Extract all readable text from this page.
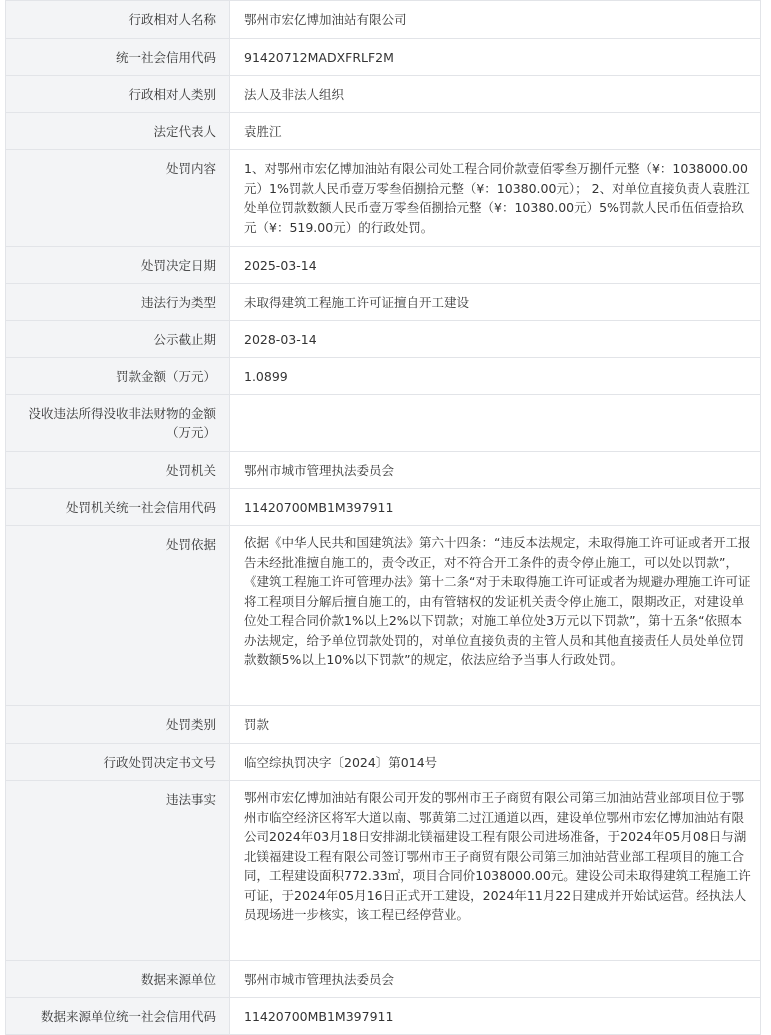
行政相对人名称	鄂州市宏亿博加油站有限公司
统一社会信用代码	91420712MADXFRLF2M
行政相对人类别	法人及非法人组织
法定代表人	袁胜江
处罚内容	1、对鄂州市宏亿博加油站有限公司处工程合同价款壹佰零叁万捌仟元整（¥：1038000.00元）1%罚款人民币壹万零叁佰捌拾元整（¥：10380.00元）； 2、对单位直接负责人袁胜江处单位罚款数额人民币壹万零叁佰捌拾元整（¥：10380.00元）5%罚款人民币伍佰壹拾玖元（¥：519.00元）的行政处罚。
处罚决定日期	2025-03-14
违法行为类型	未取得建筑工程施工许可证擅自开工建设
公示截止期	2028-03-14
罚款金额（万元）	1.0899
没收违法所得没收非法财物的金额（万元）	
处罚机关	鄂州市城市管理执法委员会
处罚机关统一社会信用代码	11420700MB1M397911
处罚依据	依据《中华人民共和国建筑法》第六十四条：“违反本法规定，未取得施工许可证或者开工报告未经批准擅自施工的，责令改正，对不符合开工条件的责令停止施工，可以处以罚款”，《建筑工程施工许可管理办法》第十二条“对于未取得施工许可证或者为规避办理施工许可证将工程项目分解后擅自施工的，由有管辖权的发证机关责令停止施工，限期改正，对建设单位处工程合同价款1%以上2%以下罚款；对施工单位处3万元以下罚款”，第十五条“依照本办法规定，给予单位罚款处罚的，对单位直接负责的主管人员和其他直接责任人员处单位罚款数额5%以上10%以下罚款”的规定，依法应给予当事人行政处罚。
处罚类别	罚款
行政处罚决定书文号	临空综执罚决字〔2024〕第014号
违法事实	鄂州市宏亿博加油站有限公司开发的鄂州市王子商贸有限公司第三加油站营业部项目位于鄂州市临空经济区将军大道以南、鄂黄第二过江通道以西，建设单位鄂州市宏亿博加油站有限公司2024年03月18日安排湖北镁福建设工程有限公司进场准备，于2024年05月08日与湖北镁福建设工程有限公司签订鄂州市王子商贸有限公司第三加油站营业部工程项目的施工合同，工程建设面积772.33㎡，项目合同价1038000.00元。建设公司未取得建筑工程施工许可证，于2024年05月16日正式开工建设，2024年11月22日建成并开始试运营。经执法人员现场进一步核实，该工程已经停营业。
数据来源单位	鄂州市城市管理执法委员会
数据来源单位统一社会信用代码	11420700MB1M397911
